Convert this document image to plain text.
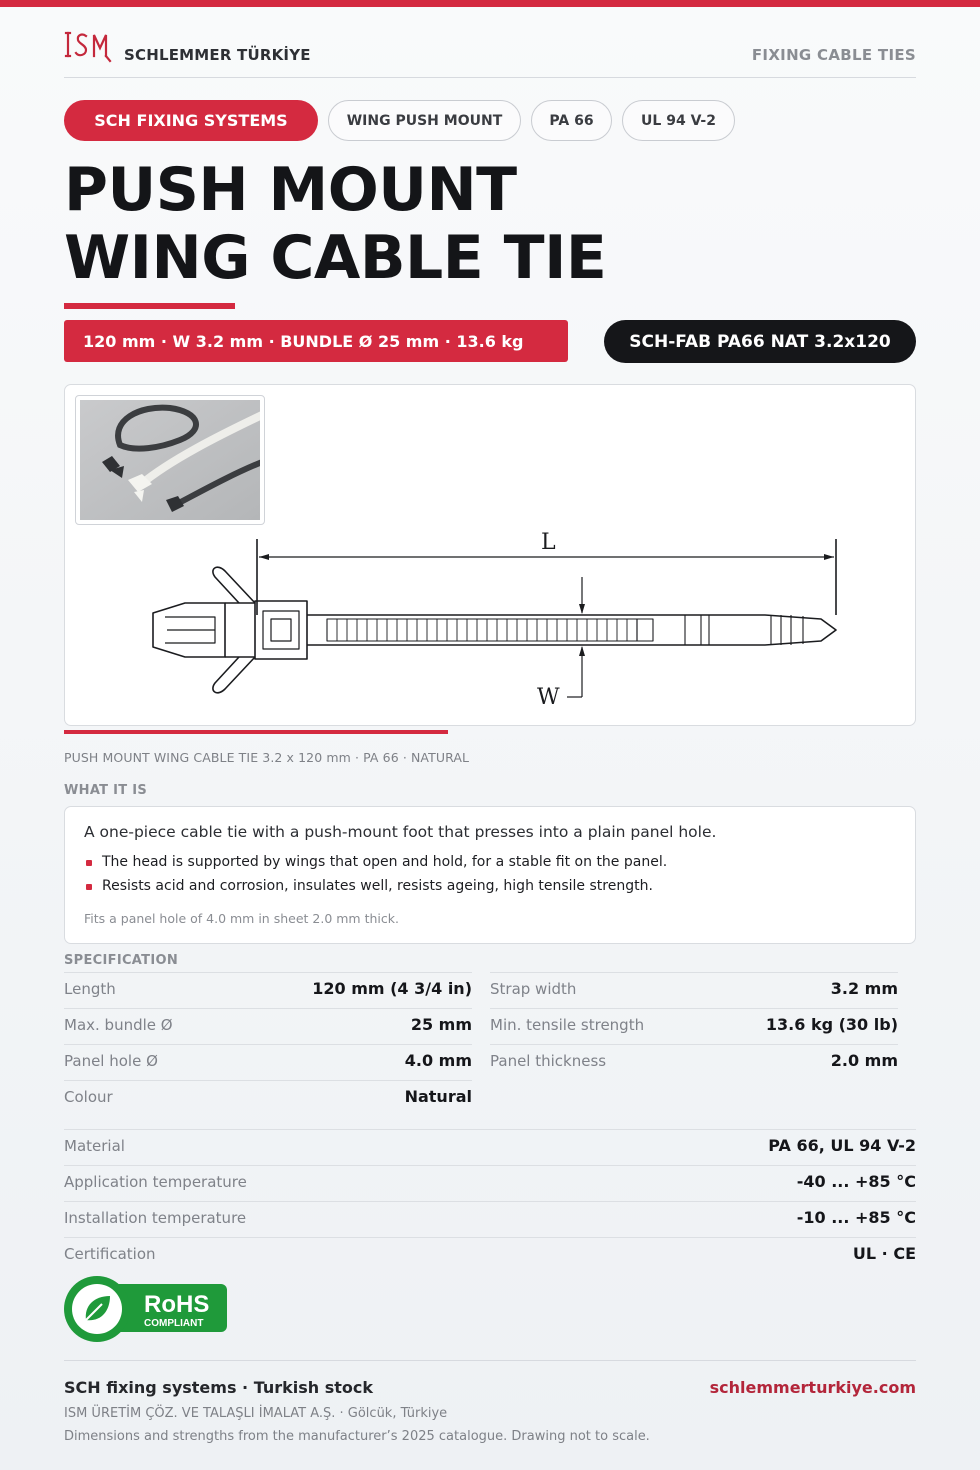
SCHLEMMER TÜRKİYE	FIXING CABLE TIES
SCH FIXING SYSTEMS	WING PUSH MOUNT	PA 66	UL 94 V-2
PUSH MOUNT
WING CABLE TIE
120 mm · W 3.2 mm · BUNDLE Ø 25 mm · 13.6 kg	SCH-FAB PA66 NAT 3.2x120
L
W
PUSH MOUNT WING CABLE TIE 3.2 x 120 mm · PA 66 · NATURAL
WHAT IT IS
A one-piece cable tie with a push-mount foot that presses into a plain panel hole.
The head is supported by wings that open and hold, for a stable fit on the panel.
Resists acid and corrosion, insulates well, resists ageing, high tensile strength.
Fits a panel hole of 4.0 mm in sheet 2.0 mm thick.
SPECIFICATION
Length	120 mm (4 3/4 in)
Max. bundle Ø	25 mm
Panel hole Ø	4.0 mm
Colour	Natural
Strap width	3.2 mm
Min. tensile strength	13.6 kg (30 lb)
Panel thickness	2.0 mm
Material	PA 66, UL 94 V-2
Application temperature	-40 ... +85 °C
Installation temperature	-10 ... +85 °C
Certification	UL · CE
RoHS
COMPLIANT
SCH fixing systems · Turkish stock	schlemmerturkiye.com
ISM ÜRETİM ÇÖZ. VE TALAŞLI İMALAT A.Ş. · Gölcük, Türkiye
Dimensions and strengths from the manufacturer’s 2025 catalogue. Drawing not to scale.
